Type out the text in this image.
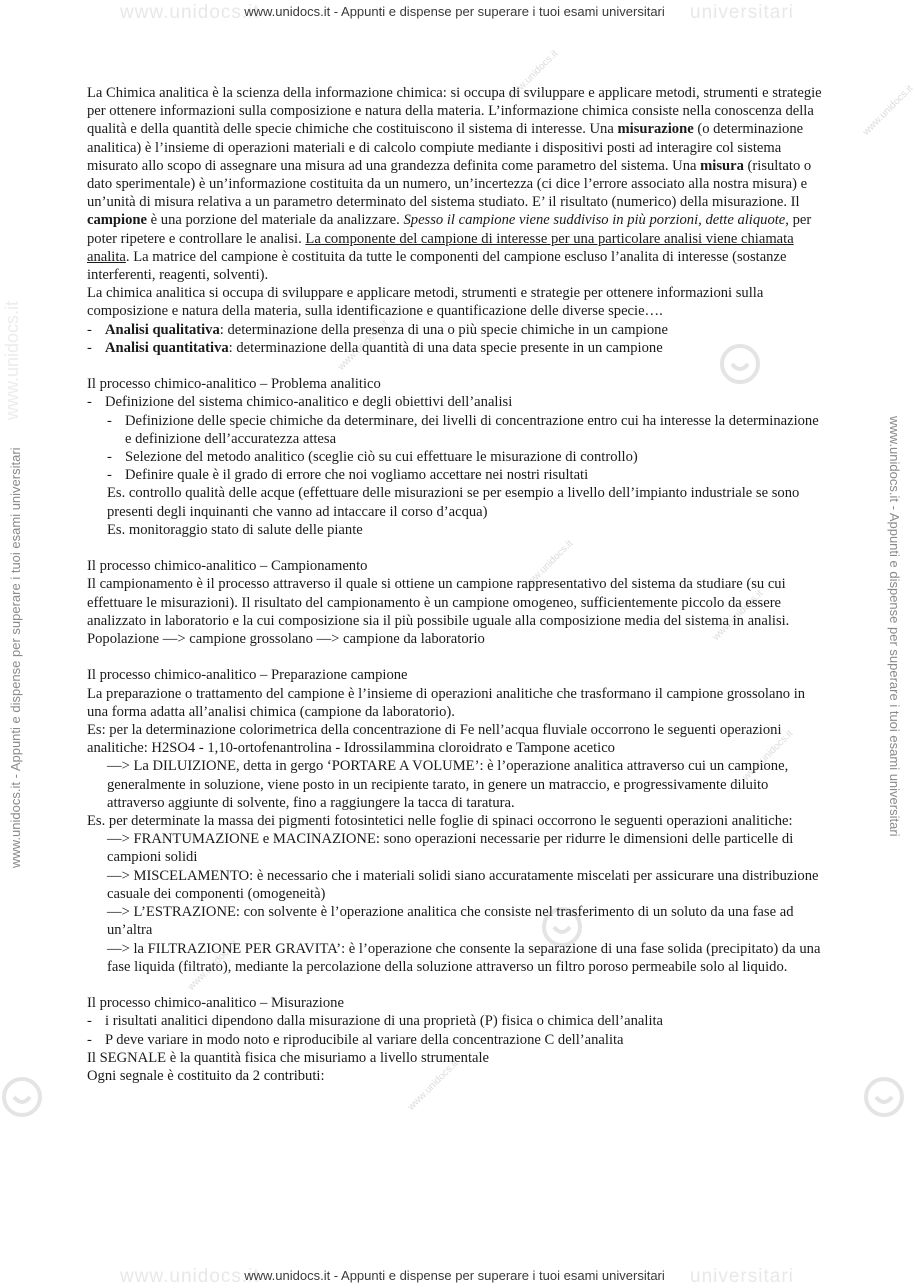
www.unidocs.it	universitari
www.unidocs.it - Appunti e dispense per superare i tuoi esami universitari
www.unidocs.it	universitari
www.unidocs.it - Appunti e dispense per superare i tuoi esami universitari
www.unidocs.it
www.unidocs.it - Appunti e dispense per superare i tuoi esami universitari	www.unidocs.it - Appunti e dispense per superare i tuoi esami universitari
www.unidocs.it
www.unidocs.it
www.unidocs.it
www.unidocs.it
www.unidocs.it
www.unidocs.it
www.unidocs.it
www.unidocs.it

La Chimica analitica è la scienza della informazione chimica: si occupa di sviluppare e applicare metodi, strumenti e strategie per ottenere informazioni sulla composizione e natura della materia. L’informazione chimica consiste nella conoscenza della qualità e della quantità delle specie chimiche che costituiscono il sistema di interesse. Una misurazione (o determinazione analitica) è l’insieme di operazioni materiali e di calcolo compiute mediante i dispositivi posti ad interagire col sistema misurato allo scopo di assegnare una misura ad una grandezza definita come parametro del sistema. Una misura (risultato o dato sperimentale) è un’informazione costituita da un numero, un’incertezza (ci dice l’errore associato alla nostra misura) e un’unità di misura relativa a un parametro determinato del sistema studiato. E’ il risultato (numerico) della misurazione. Il campione è una porzione del materiale da analizzare. Spesso il campione viene suddiviso in più porzioni, dette aliquote, per poter ripetere e controllare le analisi. La componente del campione di interesse per una particolare analisi viene chiamata analita. La matrice del campione è costituita da tutte le componenti del campione escluso l’analita di interesse (sostanze interferenti, reagenti, solventi).

La chimica analitica si occupa di sviluppare e applicare metodi, strumenti e strategie per ottenere informazioni sulla composizione e natura della materia, sulla identificazione e quantificazione delle diverse specie….

- Analisi qualitativa: determinazione della presenza di una o più specie chimiche in un campione
- Analisi quantitativa: determinazione della quantità di una data specie presente in un campione

Il processo chimico-analitico – Problema analitico

- Definizione del sistema chimico-analitico e degli obiettivi dell’analisi
- Definizione delle specie chimiche da determinare, dei livelli di concentrazione entro cui ha interesse la determinazione e definizione dell’accuratezza attesa
- Selezione del metodo analitico (sceglie ciò su cui effettuare le misurazione di controllo)
- Definire quale è il grado di errore che noi vogliamo accettare nei nostri risultati

Es. controllo qualità delle acque (effettuare delle misurazioni se per esempio a livello dell’impianto industriale se sono presenti degli inquinanti che vanno ad intaccare il corso d’acqua)

Es. monitoraggio stato di salute delle piante

Il processo chimico-analitico – Campionamento

Il campionamento è il processo attraverso il quale si ottiene un campione rappresentativo del sistema da studiare (su cui effettuare le misurazioni). Il risultato del campionamento è un campione omogeneo, sufficientemente piccolo da essere analizzato in laboratorio e la cui composizione sia il più possibile uguale alla composizione media del sistema in analisi.

Popolazione —> campione grossolano —> campione da laboratorio

Il processo chimico-analitico – Preparazione campione

La preparazione o trattamento del campione è l’insieme di operazioni analitiche che trasformano il campione grossolano in una forma adatta all’analisi chimica (campione da laboratorio).

Es: per la determinazione colorimetrica della concentrazione di Fe nell’acqua fluviale occorrono le seguenti operazioni analitiche: H2SO4 - 1,10-ortofenantrolina - Idrossilammina cloroidrato e Tampone acetico

—> La DILUIZIONE, detta in gergo ‘PORTARE A VOLUME’: è l’operazione analitica attraverso cui un campione, generalmente in soluzione, viene posto in un recipiente tarato, in genere un matraccio, e progressivamente diluito attraverso aggiunte di solvente, fino a raggiungere la tacca di taratura.

Es. per determinate la massa dei pigmenti fotosintetici nelle foglie di spinaci occorrono le seguenti operazioni analitiche:

—> FRANTUMAZIONE e MACINAZIONE: sono operazioni necessarie per ridurre le dimensioni delle particelle di campioni solidi

—> MISCELAMENTO: è necessario che i materiali solidi siano accuratamente miscelati per assicurare una distribuzione casuale dei componenti (omogeneità)

—> L’ESTRAZIONE: con solvente è l’operazione analitica che consiste nel trasferimento di un soluto da una fase ad un’altra

—> la FILTRAZIONE PER GRAVITA’: è l’operazione che consente la separazione di una fase solida (precipitato) da una fase liquida (filtrato), mediante la percolazione della soluzione attraverso un filtro poroso permeabile solo al liquido.

Il processo chimico-analitico – Misurazione

- i risultati analitici dipendono dalla misurazione di una proprietà (P) fisica o chimica dell’analita
- P deve variare in modo noto e riproducibile al variare della concentrazione C dell’analita

Il SEGNALE è la quantità fisica che misuriamo a livello strumentale

Ogni segnale è costituito da 2 contributi:
